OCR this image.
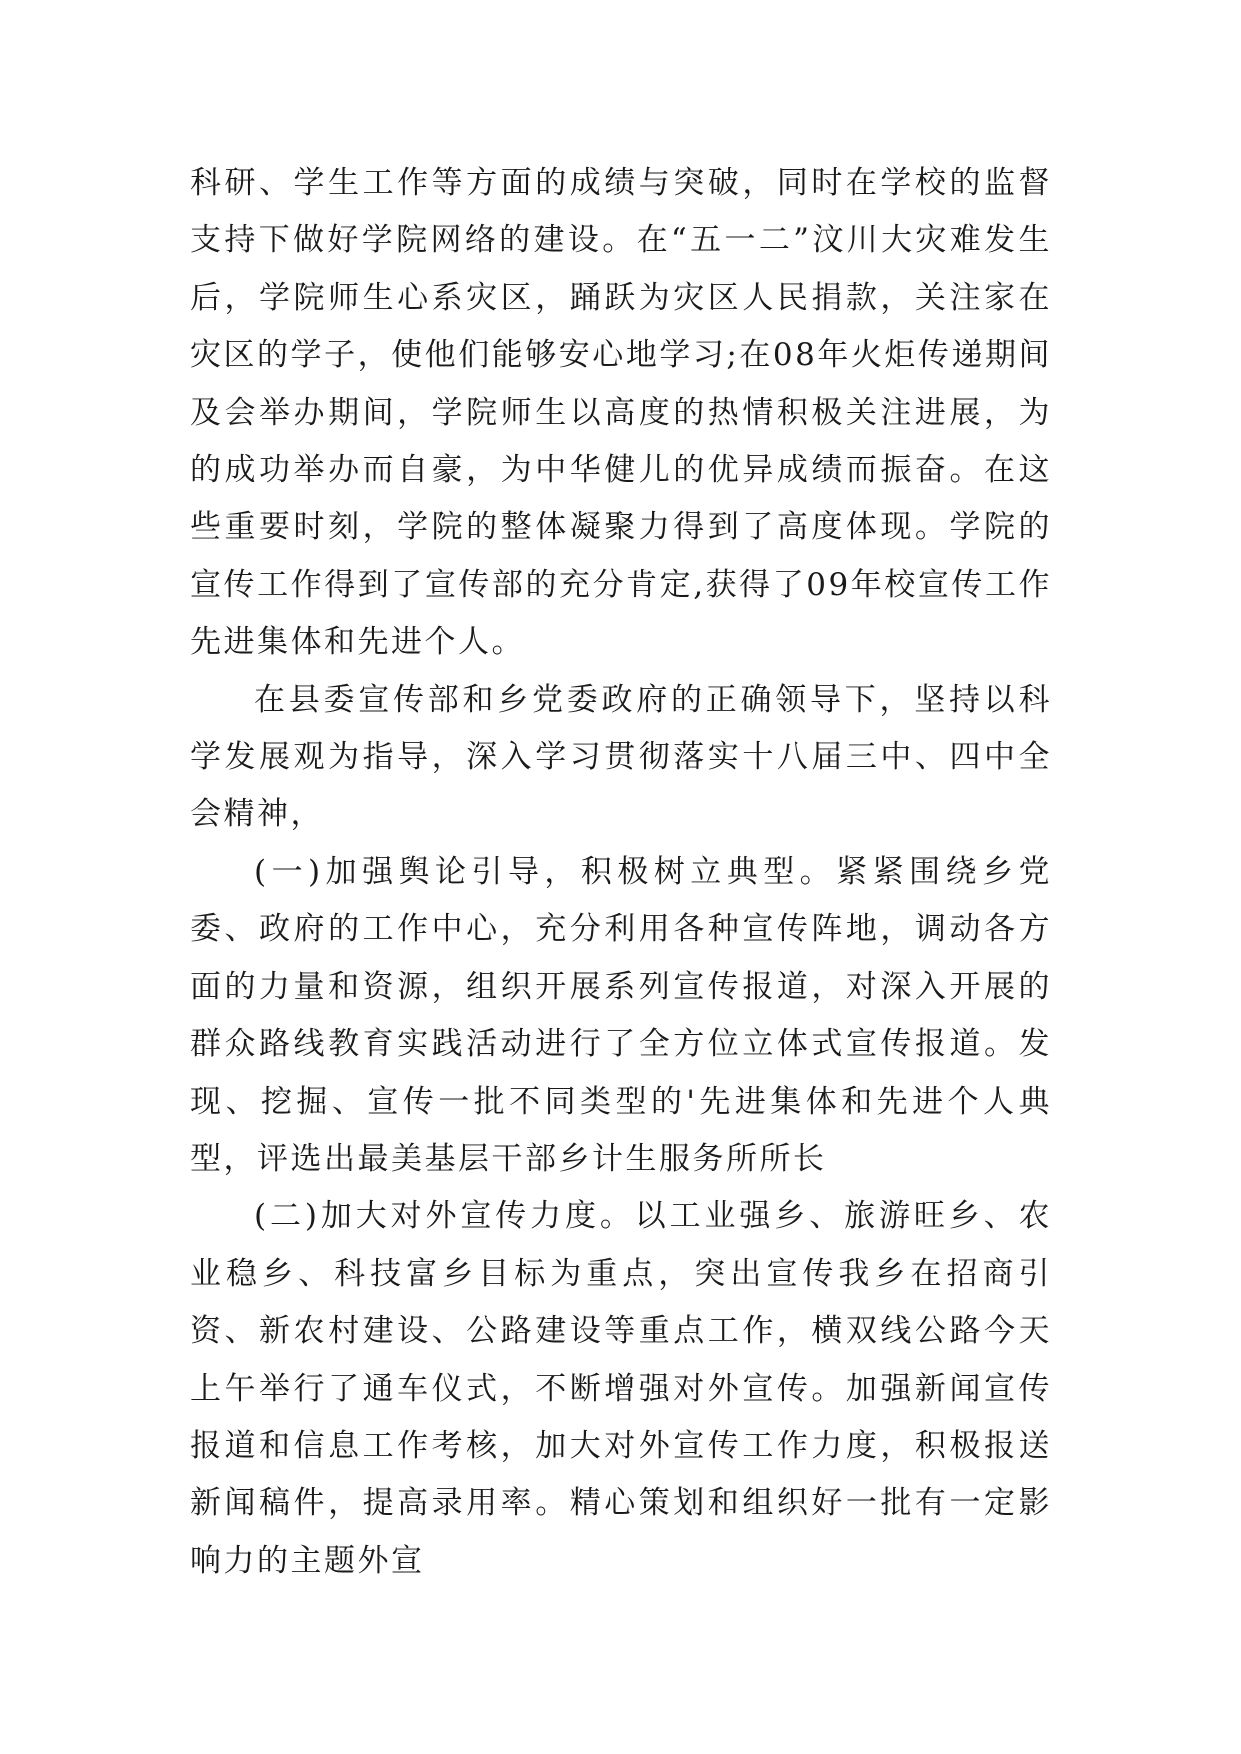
科研、学生工作等方面的成绩与突破，同时在学校的监督支持下做好学院网络的建设。在“五一二”汶川大灾难发生后，学院师生心系灾区，踊跃为灾区人民捐款，关注家在灾区的学子，使他们能够安心地学习;在08年火炬传递期间及会举办期间，学院师生以高度的热情积极关注进展，为的成功举办而自豪，为中华健儿的优异成绩而振奋。在这些重要时刻，学院的整体凝聚力得到了高度体现。学院的宣传工作得到了宣传部的充分肯定,获得了09年校宣传工作先进集体和先进个人。

在县委宣传部和乡党委政府的正确领导下，坚持以科学发展观为指导，深入学习贯彻落实十八届三中、四中全会精神，

(一)加强舆论引导，积极树立典型。紧紧围绕乡党委、政府的工作中心，充分利用各种宣传阵地，调动各方面的力量和资源，组织开展系列宣传报道，对深入开展的群众路线教育实践活动进行了全方位立体式宣传报道。发现、挖掘、宣传一批不同类型的'先进集体和先进个人典型，评选出最美基层干部乡计生服务所所长

(二)加大对外宣传力度。以工业强乡、旅游旺乡、农业稳乡、科技富乡目标为重点，突出宣传我乡在招商引资、新农村建设、公路建设等重点工作，横双线公路今天上午举行了通车仪式，不断增强对外宣传。加强新闻宣传报道和信息工作考核，加大对外宣传工作力度，积极报送新闻稿件，提高录用率。精心策划和组织好一批有一定影响力的主题外宣
